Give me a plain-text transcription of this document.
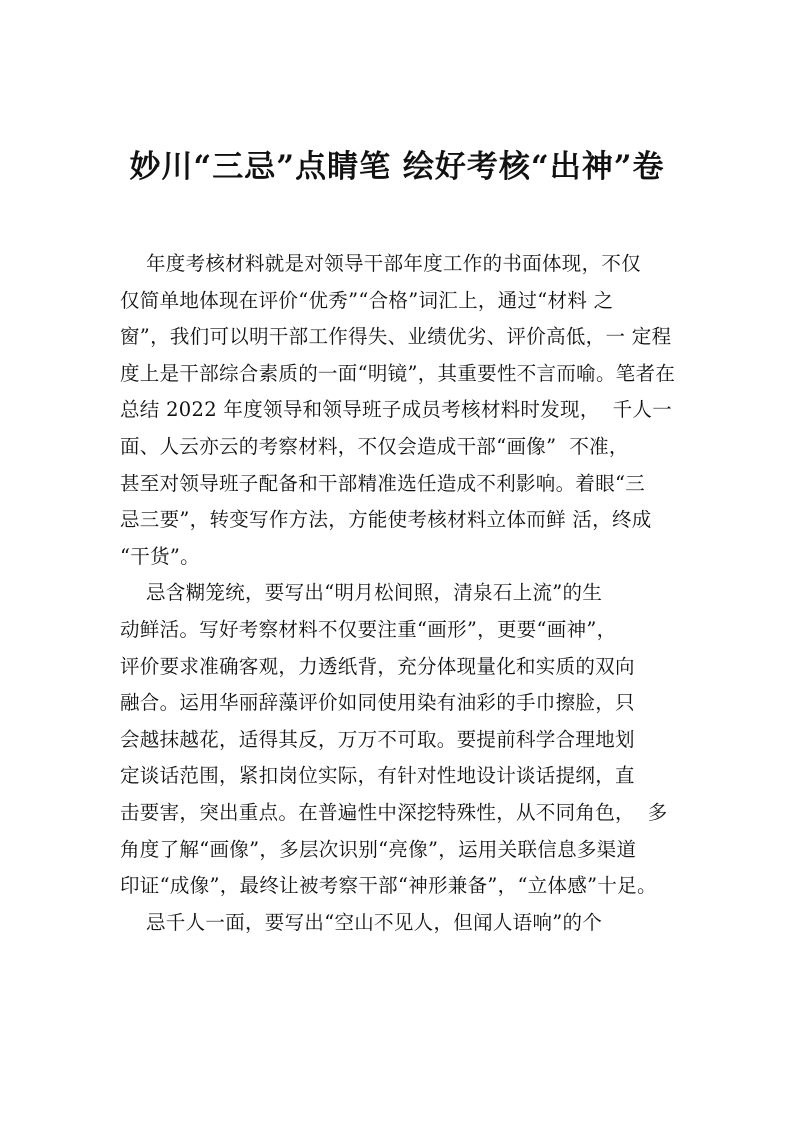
妙川“三忌”点睛笔 绘好考核“出神”卷
年度考核材料就是对领导干部年度工作的书面体现，不仅
仅简单地体现在评价“优秀”“合格”词汇上，通过“材料 之
窗”，我们可以明干部工作得失、业绩优劣、评价高低，一 定程
度上是干部综合素质的一面“明镜”，其重要性不言而喻。笔者在
总结 2022 年度领导和领导班子成员考核材料时发现，  千人一
面、人云亦云的考察材料，不仅会造成干部“画像”  不准，
甚至对领导班子配备和干部精准选任造成不利影响。着眼“三
忌三要”，转变写作方法，方能使考核材料立体而鲜 活，终成
“干货”。
忌含糊笼统，要写出“明月松间照，清泉石上流”的生
动鲜活。写好考察材料不仅要注重“画形”，更要“画神”，
评价要求准确客观，力透纸背，充分体现量化和实质的双向
融合。运用华丽辞藻评价如同使用染有油彩的手巾擦脸，只
会越抹越花，适得其反，万万不可取。要提前科学合理地划
定谈话范围，紧扣岗位实际，有针对性地设计谈话提纲，直
击要害，突出重点。在普遍性中深挖特殊性，从不同角色，  多
角度了解“画像”，多层次识别“亮像”，运用关联信息多渠道
印证“成像”，最终让被考察干部“神形兼备”，“立体感”十足。
忌千人一面，要写出“空山不见人，但闻人语响”的个
